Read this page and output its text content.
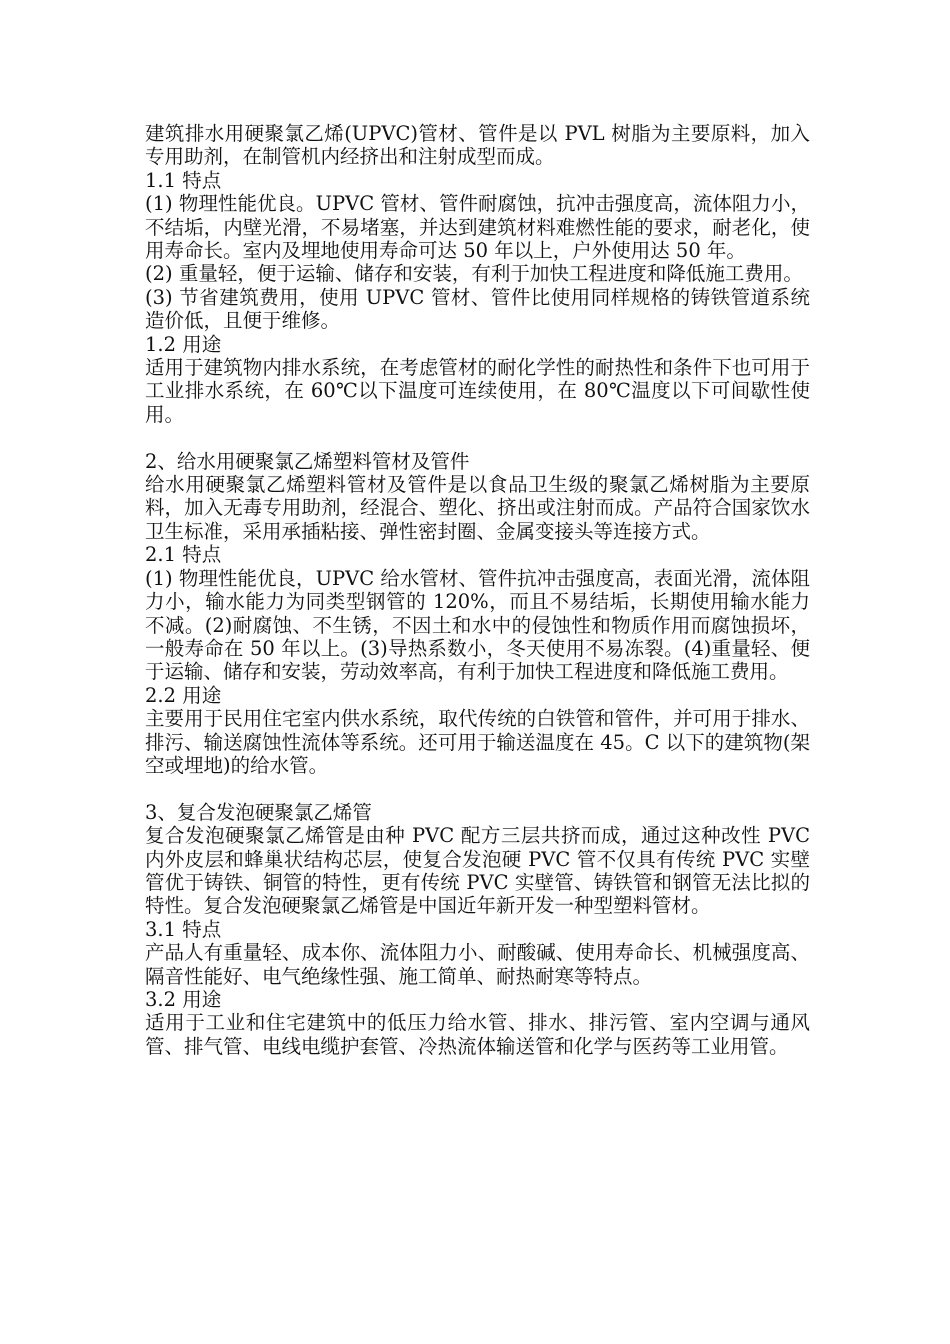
建筑排水用硬聚氯乙烯(UPVC)管材、管件是以 PVL 树脂为主要原料，加入专用助剂，在制管机内经挤出和注射成型而成。

1.1 特点

(1) 物理性能优良。UPVC 管材、管件耐腐蚀，抗冲击强度高，流体阻力小，不结垢，内壁光滑，不易堵塞，并达到建筑材料难燃性能的要求，耐老化，使用寿命长。室内及埋地使用寿命可达 50 年以上，户外使用达 50 年。

(2) 重量轻，便于运输、储存和安装，有利于加快工程进度和降低施工费用。

(3) 节省建筑费用，使用 UPVC 管材、管件比使用同样规格的铸铁管道系统造价低，且便于维修。

1.2 用途

适用于建筑物内排水系统，在考虑管材的耐化学性的耐热性和条件下也可用于工业排水系统，在 60℃以下温度可连续使用，在 80℃温度以下可间歇性使用。

2、给水用硬聚氯乙烯塑料管材及管件

给水用硬聚氯乙烯塑料管材及管件是以食品卫生级的聚氯乙烯树脂为主要原料，加入无毒专用助剂，经混合、塑化、挤出或注射而成。产品符合国家饮水卫生标准，采用承插粘接、弹性密封圈、金属变接头等连接方式。

2.1 特点

(1) 物理性能优良，UPVC 给水管材、管件抗冲击强度高，表面光滑，流体阻力小，输水能力为同类型钢管的 120%，而且不易结垢，长期使用输水能力不减。(2)耐腐蚀、不生锈，不因土和水中的侵蚀性和物质作用而腐蚀损坏，一般寿命在 50 年以上。(3)导热系数小，冬天使用不易冻裂。(4)重量轻、便于运输、储存和安装，劳动效率高，有利于加快工程进度和降低施工费用。

2.2 用途

主要用于民用住宅室内供水系统，取代传统的白铁管和管件，并可用于排水、排污、输送腐蚀性流体等系统。还可用于输送温度在 45。C 以下的建筑物(架空或埋地)的给水管。

3、复合发泡硬聚氯乙烯管

复合发泡硬聚氯乙烯管是由种 PVC 配方三层共挤而成，通过这种改性 PVC 内外皮层和蜂巢状结构芯层，使复合发泡硬 PVC 管不仅具有传统 PVC 实壁管优于铸铁、铜管的特性，更有传统 PVC 实壁管、铸铁管和钢管无法比拟的特性。复合发泡硬聚氯乙烯管是中国近年新开发一种型塑料管材。

3.1 特点

产品人有重量轻、成本你、流体阻力小、耐酸碱、使用寿命长、机械强度高、隔音性能好、电气绝缘性强、施工简单、耐热耐寒等特点。

3.2 用途

适用于工业和住宅建筑中的低压力给水管、排水、排污管、室内空调与通风管、排气管、电线电缆护套管、冷热流体输送管和化学与医药等工业用管。
